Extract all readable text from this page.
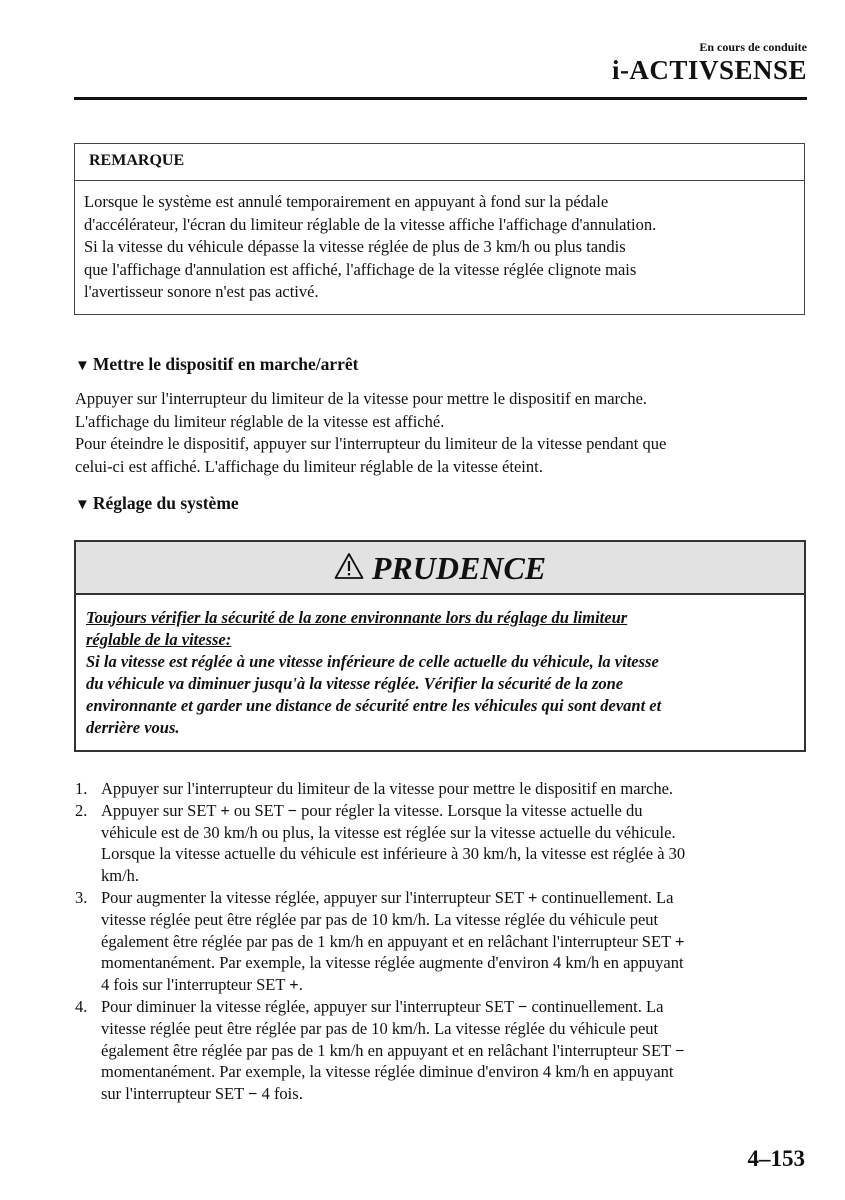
En cours de conduite
i-ACTIVSENSE
REMARQUE

Lorsque le système est annulé temporairement en appuyant à fond sur la pédale

d'accélérateur, l'écran du limiteur réglable de la vitesse affiche l'affichage d'annulation.

Si la vitesse du véhicule dépasse la vitesse réglée de plus de 3 km/h ou plus tandis

que l'affichage d'annulation est affiché, l'affichage de la vitesse réglée clignote mais

l'avertisseur sonore n'est pas activé.

▼ Mettre le dispositif en marche/arrêt

Appuyer sur l'interrupteur du limiteur de la vitesse pour mettre le dispositif en marche.

L'affichage du limiteur réglable de la vitesse est affiché.

Pour éteindre le dispositif, appuyer sur l'interrupteur du limiteur de la vitesse pendant que

celui-ci est affiché. L'affichage du limiteur réglable de la vitesse éteint.

▼ Réglage du système
PRUDENCE

Toujours vérifier la sécurité de la zone environnante lors du réglage du limiteur

réglable de la vitesse:

Si la vitesse est réglée à une vitesse inférieure de celle actuelle du véhicule, la vitesse

du véhicule va diminuer jusqu'à la vitesse réglée. Vérifier la sécurité de la zone

environnante et garder une distance de sécurité entre les véhicules qui sont devant et

derrière vous.

1. Appuyer sur l'interrupteur du limiteur de la vitesse pour mettre le dispositif en marche.

2. Appuyer sur SET + ou SET − pour régler la vitesse. Lorsque la vitesse actuelle du

véhicule est de 30 km/h ou plus, la vitesse est réglée sur la vitesse actuelle du véhicule.

Lorsque la vitesse actuelle du véhicule est inférieure à 30 km/h, la vitesse est réglée à 30

km/h.

3. Pour augmenter la vitesse réglée, appuyer sur l'interrupteur SET + continuellement. La

vitesse réglée peut être réglée par pas de 10 km/h. La vitesse réglée du véhicule peut

également être réglée par pas de 1 km/h en appuyant et en relâchant l'interrupteur SET +

momentanément. Par exemple, la vitesse réglée augmente d'environ 4 km/h en appuyant

4 fois sur l'interrupteur SET +.

4. Pour diminuer la vitesse réglée, appuyer sur l'interrupteur SET − continuellement. La

vitesse réglée peut être réglée par pas de 10 km/h. La vitesse réglée du véhicule peut

également être réglée par pas de 1 km/h en appuyant et en relâchant l'interrupteur SET −

momentanément. Par exemple, la vitesse réglée diminue d'environ 4 km/h en appuyant

sur l'interrupteur SET − 4 fois.

4–153
